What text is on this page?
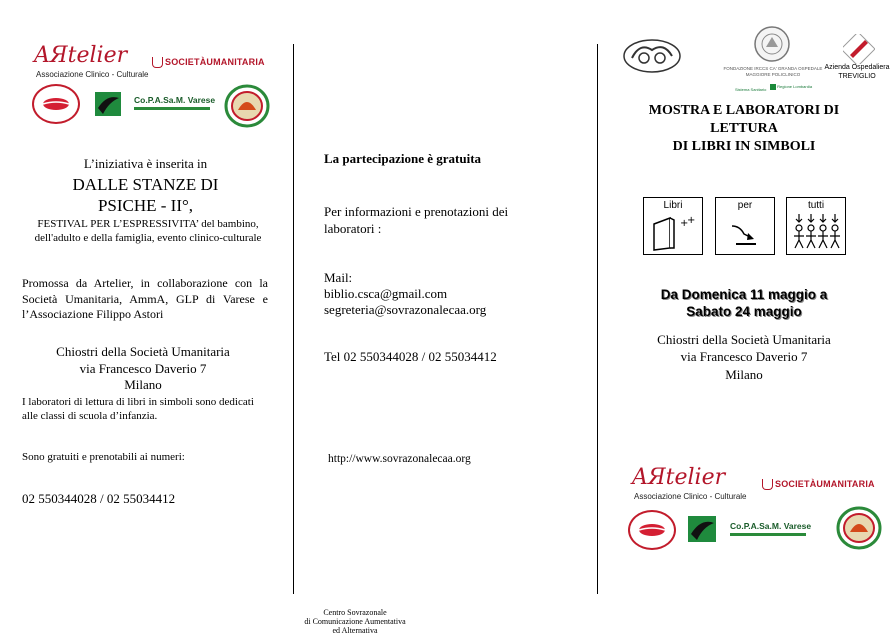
AЯtelier
Associazione Clinico - Culturale
SOCIETÀUMANITARIA
Co.P.A.Sa.M. Varese
L’iniziativa è inserita in
DALLE STANZE DI
PSICHE - II°,
FESTIVAL PER L’ESPRESSIVITA’ del bambino, dell'adulto e della famiglia, evento clinico-culturale
Promossa da Artelier, in collaborazione con la Società Umanitaria, AmmA, GLP di Varese e l’Associazione Filippo Astori
Chiostri della Società Umanitaria
via Francesco Daverio 7
Milano
I laboratori di lettura di libri in simboli sono dedicati alle classi di scuola d’infanzia.
Sono gratuiti e prenotabili ai numeri:
02 550344028 / 02 55034412
La partecipazione è gratuita
Per informazioni e prenotazioni dei laboratori :
Mail:
biblio.csca@gmail.com
segreteria@sovrazonalecaa.org
Tel 02 550344028 / 02 55034412
http://www.sovrazonalecaa.org
Centro Sovrazonale
di Comunicazione Aumentativa
ed Alternativa
FONDAZIONE IRCCS CA' GRANDA OSPEDALE MAGGIORE POLICLINICO
Sistema Sanitario
Regione Lombardia
Azienda Ospedaliera
TREVIGLIO
MOSTRA E LABORATORI DI
LETTURA
DI LIBRI IN SIMBOLI
Libri
+
+
per	tutti
Da Domenica 11 maggio a
Sabato 24 maggio
Chiostri della Società Umanitaria
via Francesco Daverio 7
Milano
AЯtelier
Associazione Clinico - Culturale
SOCIETÀUMANITARIA
Co.P.A.Sa.M. Varese
